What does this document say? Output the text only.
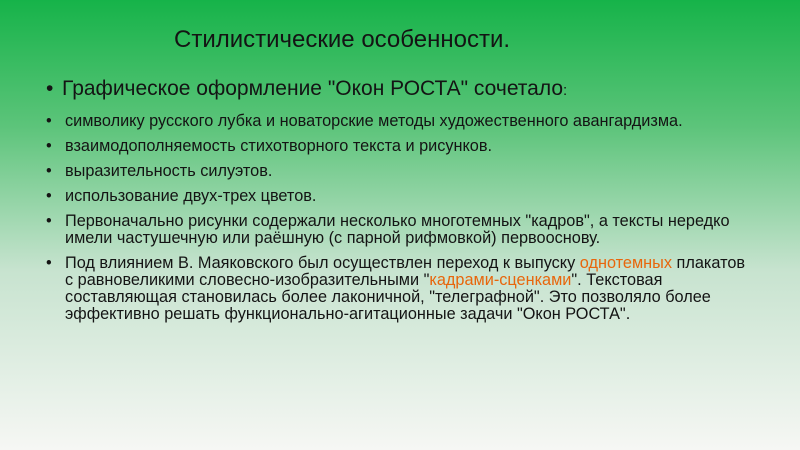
Стилистические особенности.
• Графическое оформление "Окон РОСТА" сочетало:
• символику русского лубка и новаторские методы художественного авангардизма.
• взаимодополняемость стихотворного текста и рисунков.
• выразительность силуэтов.
• использование двух-трех цветов.
• Первоначально рисунки содержали несколько многотемных "кадров", а тексты нередко имели частушечную или раёшную (с парной рифмовкой) первооснову.
• Под влиянием В. Маяковского был осуществлен переход к выпуску однотемных плакатов с равновеликими словесно-изобразительными "кадрами-сценками". Текстовая составляющая становилась более лаконичной, "телеграфной". Это позволяло более эффективно решать функционально-агитационные задачи "Окон РОСТА".
